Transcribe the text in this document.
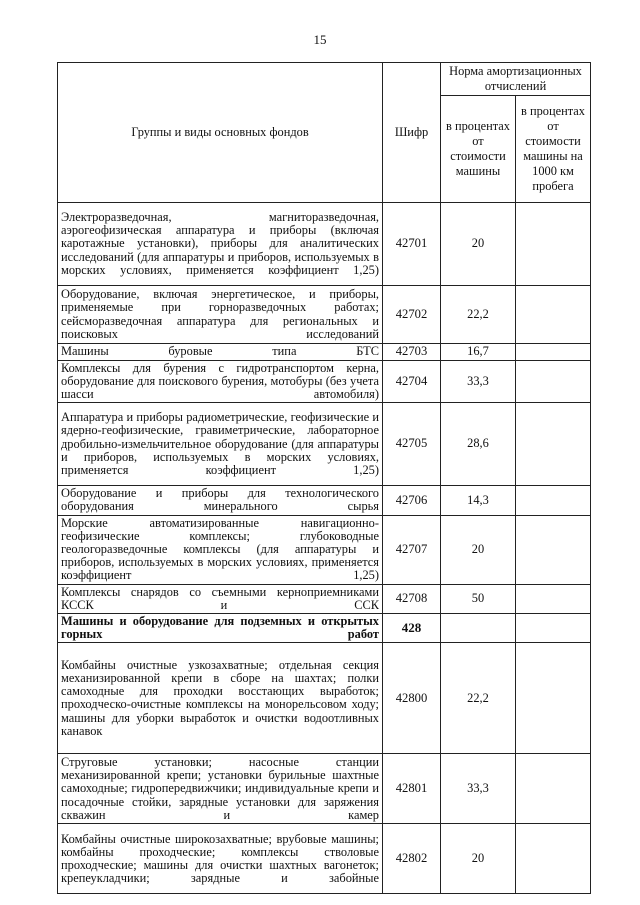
15
Группы и виды основных фондов	Шифр	Норма амортизационных отчислений	
		в процентах от стоимости машины	в процентах от стоимости машины на 1000 км пробега
Электроразведочная, магниторазведочная, аэрогеофизическая аппаратура и приборы (включая каротажные установки), приборы для аналитических исследований (для аппаратуры и приборов, используемых в морских условиях, применяется коэффициент 1,25)	42701	20	
Оборудование, включая энергетическое, и приборы, применяемые при горноразведочных работах; сейсморазведочная аппаратура для региональных и поисковых исследований	42702	22,2	
Машины буровые типа БТС	42703	16,7	
Комплексы для бурения с гидротранспортом керна, оборудование для поискового бурения, мотобуры (без учета шасси автомобиля)	42704	33,3	
Аппаратура и приборы радиометрические, геофизические и ядерно-геофизические, гравиметрические, лабораторное дробильно-измельчительное оборудование (для аппаратуры и приборов, используемых в морских условиях, применяется коэффициент 1,25)	42705	28,6	
Оборудование и приборы для технологического оборудования минерального сырья	42706	14,3	
Морские автоматизированные навигационно-геофизические комплексы; глубоководные геологоразведочные комплексы (для аппаратуры и приборов, используемых в морских условиях, применяется коэффициент 1,25)	42707	20	
Комплексы снарядов со съемными керноприемниками КССК и ССК	42708	50	
Машины и оборудование для подземных и открытых горных работ	428		
Комбайны очистные узкозахватные; отдельная секция механизированной крепи в сборе на шахтах; полки самоходные для проходки восстающих выработок; проходческо-очистные комплексы на монорельсовом ходу; машины для уборки выработок и очистки водоотливных канавок	42800	22,2	
Струговые установки; насосные станции механизированной крепи; установки бурильные шахтные самоходные; гидропередвижчики; индивидуальные крепи и посадочные стойки, зарядные установки для заряжения скважин и камер	42801	33,3	
Комбайны очистные широкозахватные; врубовые машины; комбайны проходческие; комплексы стволовые проходческие; машины для очистки шахтных вагонеток; крепеукладчики; зарядные и забойные	42802	20	
